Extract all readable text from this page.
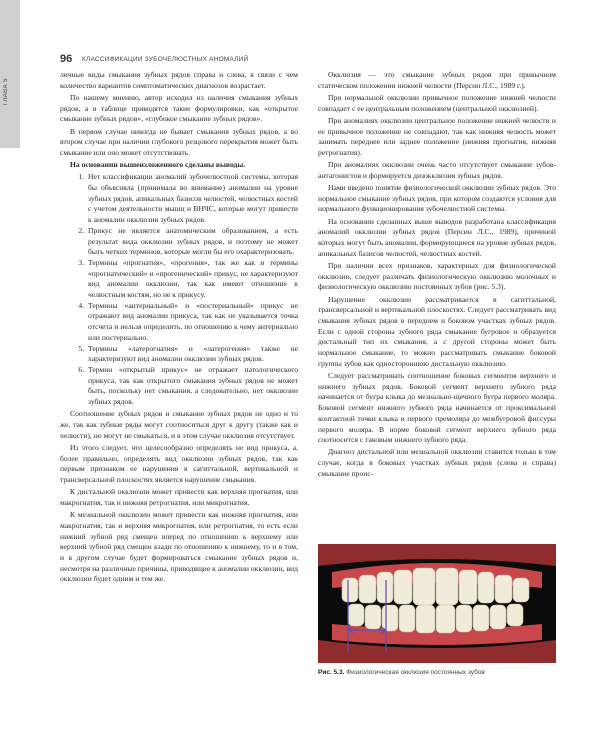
ГЛАВА 5
96 КЛАССИФИКАЦИИ ЗУБОЧЕЛЮСТНЫХ АНОМАЛИЙ

личные виды смыкания зубных рядов справа и слева, в связи с чем количество вариантов симптоматических диагнозов возрастает.

По нашему мнению, автор исходил из наличия смыкания зубных рядов, а в таблице приводятся такие формулировки, как «открытое смыкание зубных рядов», «глубокое смыкание зубных рядов».

В первом случае никогда не бывает смыкания зубных рядов, а во втором случае при наличии глубокого резцового перекрытия может быть смыкание или оно может отсутствовать.

На основании вышеизложенного сделаны выводы.

1. Нет классификации аномалий зубочелюстной системы, которая бы объясняла (принимала во внимание) аномалии на уровне зубных рядов, апикальных базисов челюстей, челюстных костей с учетом деятельности мышц и ВНЧС, которые могут привести к аномалии окклюзии зубных рядов.
2. Прикус не является анатомическим образованием, а есть результат вида окклюзии зубных рядов, и поэтому не может быть четких терминов, которые могли бы его охарактеризовать.
3. Термины «прогнатия», «прогения», так же как и термины «прогнатический» и «прогенический» прикус, не характеризуют вид аномалии окклюзии, так как имеют отношение к челюстным костям, но не к прикусу.
4. Термины «антериальный» и «постериальный» прикус не отражают вид аномалии прикуса, так как не указывается точка отсчета и нельзя определить, по отношению к чему антериально или постериально.
5. Термины «латерогнатия» и «латерогения» также не характеризуют вид аномалии окклюзии зубных рядов.
6. Термин «открытый прикус» не отражает патологического прикуса, так как открытого смыкания зубных рядов не может быть, поскольку нет смыкания, а следовательно, нет окклюзии зубных рядов.

Соотношение зубных рядов и смыкание зубных рядов не одно и то же, так как зубные ряды могут соотноситься друг к другу (также как и челюсти), но могут не смыкаться, и в этом случае окклюзия отсутствует.

Из этого следует, что целесообразно определять не вид прикуса, а, более правильно, определять вид окклюзии зубных рядов, так как первым признаком ее нарушения в сагиттальной, вертикальной и трансверсальной плоскостях является нарушение смыкания.

К дистальной окклюзии может привести как верхняя прогнатия, или макрогнатия, так и нижняя ретрогнатия, или микрогнатия.

К мезиальной окклюзии может привести как нижняя прогнатия, или макрогнатия, так и верхняя микрогнатия, или ретрогнатия, то есть если нижний зубной ряд смещен вперед по отношению к верхнему или верхний зубной ряд смещен кзади по отношению к нижнему, то и в том, и в другом случае будет формироваться смыкание зубных рядов и, несмотря на различные причины, приводящие к аномалии окклюзии, вид окклюзии будет одним и тем же.

Окклюзия — это смыкание зубных рядов при привычном статическом положении нижней челюсти (Персин Л.С., 1989 г.).

При нормальной окклюзии привычное положение нижней челюсти совпадает с ее центральным положением (центральной окклюзией).

При аномалиях окклюзии центральное положение нижней челюсти и ее привычное положение не совпадают, так как нижняя челюсть может занимать переднее или заднее положение (нижняя прогнатия, нижняя ретрогнатия).

При аномалиях окклюзии очень часто отсутствует смыкание зубов-антагонистов и формируется дизокклюзия зубных рядов.

Нами введено понятие физиологической окклюзии зубных рядов. Это нормальное смыкание зубных рядов, при котором создаются условия для нормального функционирования зубочелюстной системы.

На основании сделанных выше выводов разработана классификация аномалий окклюзии зубных рядов (Персин Л.С., 1989), причиной которых могут быть аномалии, формирующиеся на уровне зубных рядов, апикальных базисов челюстей, челюстных костей.

При наличии всех признаков, характерных для физиологической окклюзии, следует различать физиологическую окклюзию молочных и физиологическую окклюзию постоянных зубов (рис. 5.3).

Нарушение окклюзии рассматривается в сагиттальной, трансверсальной и вертикальной плоскостях. Следует рассматривать вид смыкания зубных рядов в переднем и боковом участках зубных рядов. Если с одной стороны зубного ряда смыкание бугровое и образуется дистальный тип их смыкания, а с другой стороны может быть нормальное смыкание, то можно рассматривать смыкание боковой группы зубов как одностороннюю дистальную окклюзию.

Следует рассматривать соотношение боковых сегментов верхнего и нижнего зубных рядов. Боковой сегмент верхнего зубного ряда начинается от бугра клыка до мезиально-щечного бугра первого моляра. Боковой сегмент нижнего зубного ряда начинается от проксимальной контактной точки клыка и первого премоляра до межбугровой фиссуры первого моляра. В норме боковой сегмент верхнего зубного ряда соотносится с таковым нижнего зубного ряда.

Диагноз дистальной или мезиальной окклюзии ставится только в том случае, когда в боковых участках зубных рядов (слева и справа) смыкание проис-

Рис. 5.3. Физиологическая окклюзия постоянных зубов
